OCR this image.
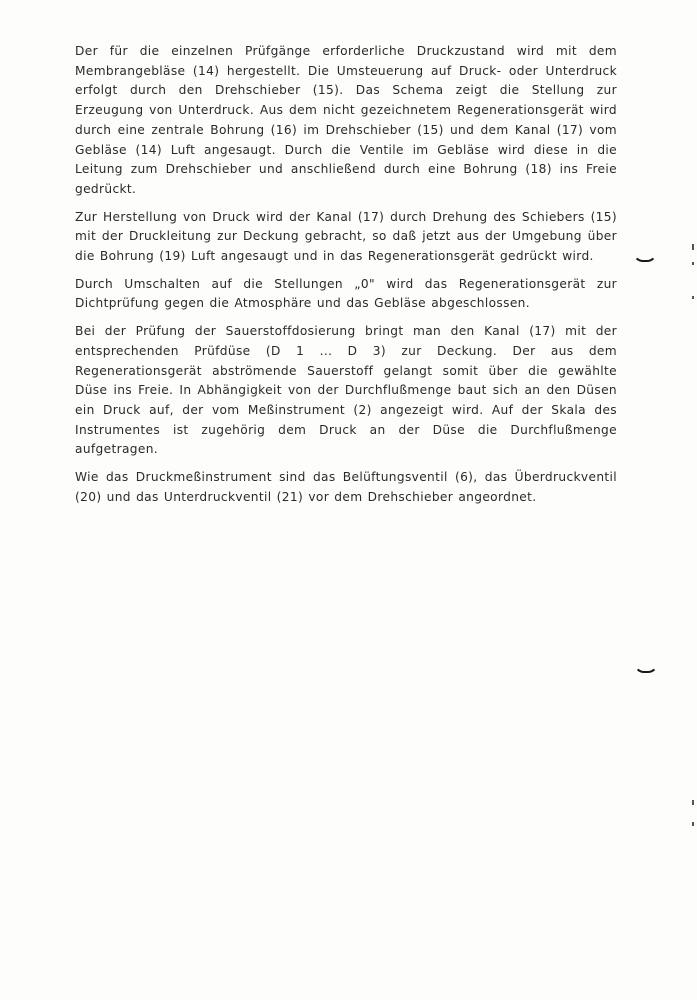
Der für die einzelnen Prüfgänge erforderliche Druckzustand wird mit dem Membrangebläse (14) hergestellt. Die Umsteuerung auf Druck- oder Unterdruck erfolgt durch den Drehschieber (15). Das Schema zeigt die Stellung zur Erzeugung von Unterdruck. Aus dem nicht gezeichnetem Regenerationsgerät wird durch eine zentrale Bohrung (16) im Drehschieber (15) und dem Kanal (17) vom Gebläse (14) Luft angesaugt. Durch die Ventile im Gebläse wird diese in die Leitung zum Drehschieber und anschließend durch eine Bohrung (18) ins Freie gedrückt.

Zur Herstellung von Druck wird der Kanal (17) durch Drehung des Schiebers (15) mit der Druckleitung zur Deckung gebracht, so daß jetzt aus der Umgebung über die Bohrung (19) Luft angesaugt und in das Regenerationsgerät gedrückt wird.

Durch Umschalten auf die Stellungen „0" wird das Regenerationsgerät zur Dichtprüfung gegen die Atmosphäre und das Gebläse abgeschlossen.

Bei der Prüfung der Sauerstoffdosierung bringt man den Kanal (17) mit der entsprechenden Prüfdüse (D 1 ... D 3) zur Deckung. Der aus dem Regenerationsgerät abströmende Sauerstoff gelangt somit über die gewählte Düse ins Freie. In Abhängigkeit von der Durchflußmenge baut sich an den Düsen ein Druck auf, der vom Meßinstrument (2) angezeigt wird. Auf der Skala des Instrumentes ist zugehörig dem Druck an der Düse die Durchflußmenge aufgetragen.

Wie das Druckmeßinstrument sind das Belüftungsventil (6), das Überdruckventil (20) und das Unterdruckventil (21) vor dem Drehschieber angeordnet.
